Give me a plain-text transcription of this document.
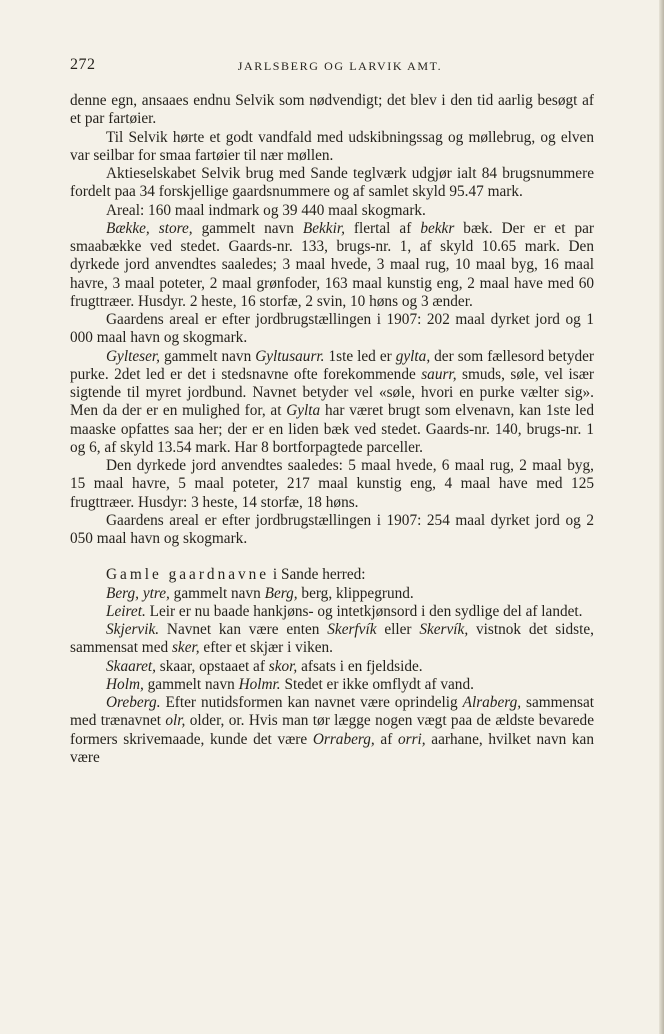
272	JARLSBERG OG LARVIK AMT.

denne egn, ansaaes endnu Selvik som nødvendigt; det blev i den tid aarlig besøgt af et par fartøier.

Til Selvik hørte et godt vandfald med udskibningssag og møllebrug, og elven var seilbar for smaa fartøier til nær møllen.

Aktieselskabet Selvik brug med Sande teglværk udgjør ialt 84 brugsnummere fordelt paa 34 forskjellige gaardsnummere og af samlet skyld 95.47 mark.

Areal: 160 maal indmark og 39 440 maal skogmark.

Bække, store, gammelt navn Bekkir, flertal af bekkr bæk. Der er et par smaabække ved stedet. Gaards-nr. 133, brugs-nr. 1, af skyld 10.65 mark. Den dyrkede jord anvendtes saaledes; 3 maal hvede, 3 maal rug, 10 maal byg, 16 maal havre, 3 maal poteter, 2 maal grønfoder, 163 maal kunstig eng, 2 maal have med 60 frugttræer. Husdyr. 2 heste, 16 storfæ, 2 svin, 10 høns og 3 ænder.

Gaardens areal er efter jordbrugstællingen i 1907: 202 maal dyrket jord og 1 000 maal havn og skogmark.

Gylteser, gammelt navn Gyltusaurr. 1ste led er gylta, der som fællesord betyder purke. 2det led er det i stedsnavne ofte forekommende saurr, smuds, søle, vel især sigtende til myret jordbund. Navnet betyder vel «søle, hvori en purke vælter sig». Men da der er en mulighed for, at Gylta har været brugt som elvenavn, kan 1ste led maaske opfattes saa her; der er en liden bæk ved stedet. Gaards-nr. 140, brugs-nr. 1 og 6, af skyld 13.54 mark. Har 8 bortforpagtede parceller.

Den dyrkede jord anvendtes saaledes: 5 maal hvede, 6 maal rug, 2 maal byg, 15 maal havre, 5 maal poteter, 217 maal kunstig eng, 4 maal have med 125 frugttræer. Husdyr: 3 heste, 14 storfæ, 18 høns.

Gaardens areal er efter jordbrugstællingen i 1907: 254 maal dyrket jord og 2 050 maal havn og skogmark.

Gamle gaardnavne i Sande herred:

Berg, ytre, gammelt navn Berg, berg, klippegrund.

Leiret. Leir er nu baade hankjøns- og intetkjønsord i den sydlige del af landet.

Skjervik. Navnet kan være enten Skerfvík eller Skervík, vistnok det sidste, sammensat med sker, efter et skjær i viken.

Skaaret, skaar, opstaaet af skor, afsats i en fjeldside.

Holm, gammelt navn Holmr. Stedet er ikke omflydt af vand.

Oreberg. Efter nutidsformen kan navnet være oprindelig Alraberg, sammensat med trænavnet olr, older, or. Hvis man tør lægge nogen vægt paa de ældste bevarede formers skrivemaade, kunde det være Orraberg, af orri, aarhane, hvilket navn kan være
